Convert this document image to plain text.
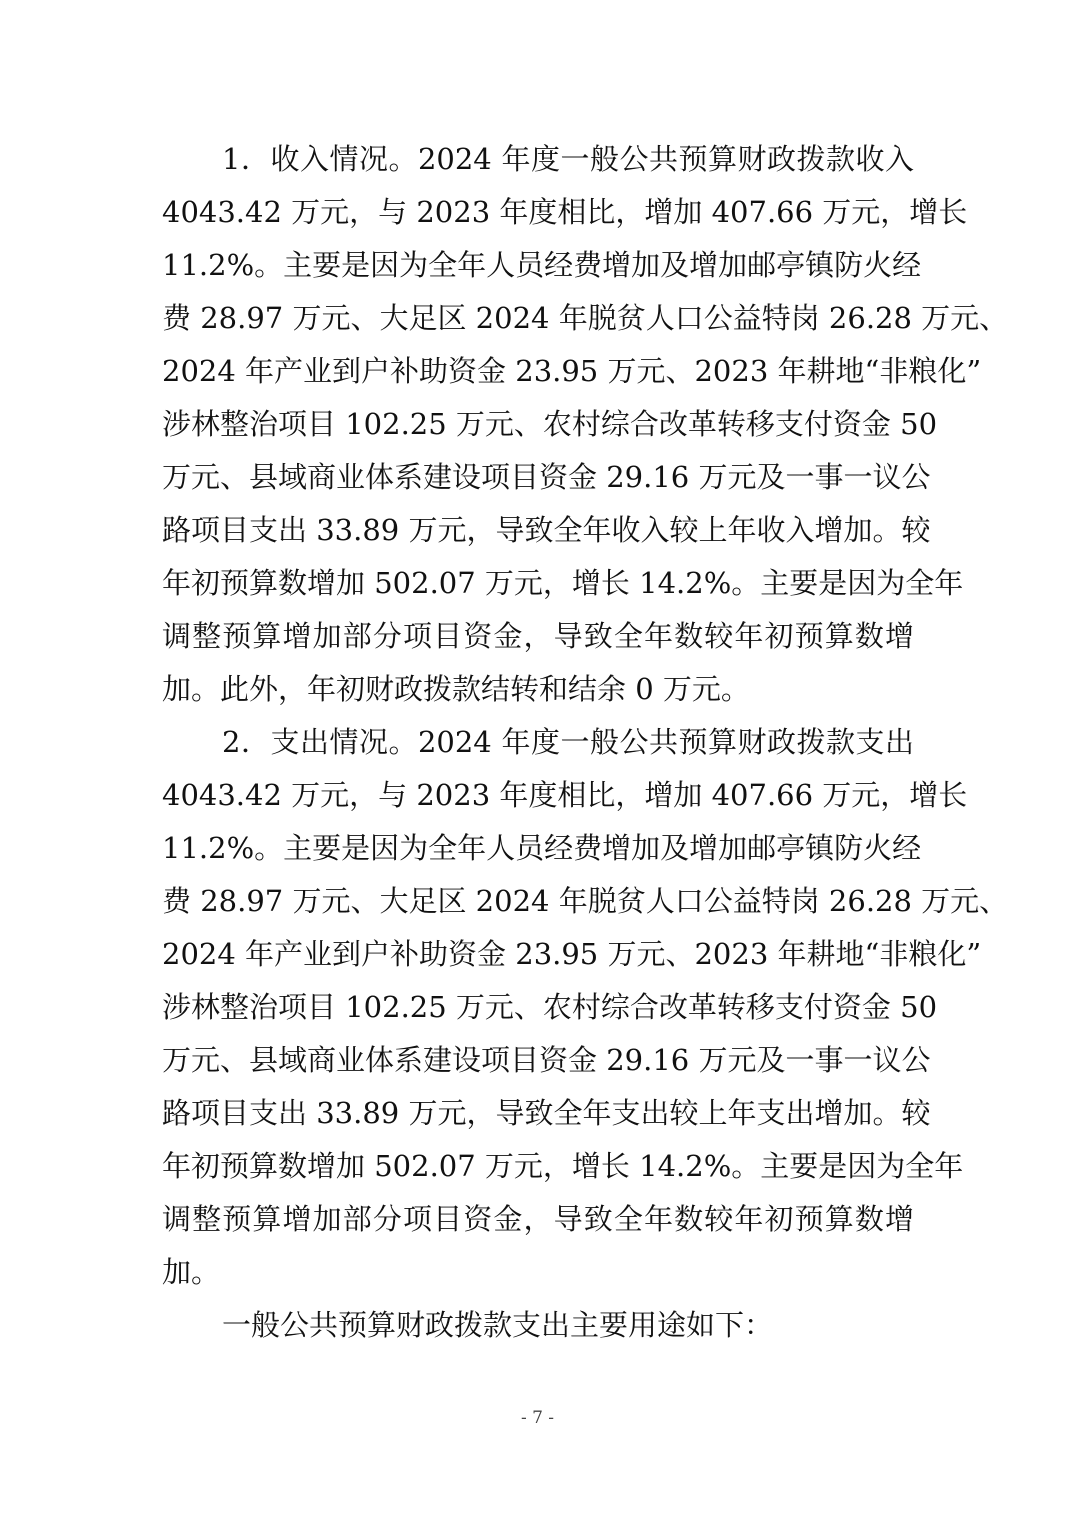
1．收入情况。2024 年度一般公共预算财政拨款收入
4043.42 万元，与 2023 年度相比，增加 407.66 万元，增长
11.2%。主要是因为全年人员经费增加及增加邮亭镇防火经
费 28.97 万元、大足区 2024 年脱贫人口公益特岗 26.28 万元、
2024 年产业到户补助资金 23.95 万元、2023 年耕地“非粮化”
涉林整治项目 102.25 万元、农村综合改革转移支付资金 50
万元、县域商业体系建设项目资金 29.16 万元及一事一议公
路项目支出 33.89 万元，导致全年收入较上年收入增加。较
年初预算数增加 502.07 万元，增长 14.2%。主要是因为全年
调整预算增加部分项目资金，导致全年数较年初预算数增
加。此外，年初财政拨款结转和结余 0 万元。
2．支出情况。2024 年度一般公共预算财政拨款支出
4043.42 万元，与 2023 年度相比，增加 407.66 万元，增长
11.2%。主要是因为全年人员经费增加及增加邮亭镇防火经
费 28.97 万元、大足区 2024 年脱贫人口公益特岗 26.28 万元、
2024 年产业到户补助资金 23.95 万元、2023 年耕地“非粮化”
涉林整治项目 102.25 万元、农村综合改革转移支付资金 50
万元、县域商业体系建设项目资金 29.16 万元及一事一议公
路项目支出 33.89 万元，导致全年支出较上年支出增加。较
年初预算数增加 502.07 万元，增长 14.2%。主要是因为全年
调整预算增加部分项目资金，导致全年数较年初预算数增
加。
一般公共预算财政拨款支出主要用途如下：
- 7 -
